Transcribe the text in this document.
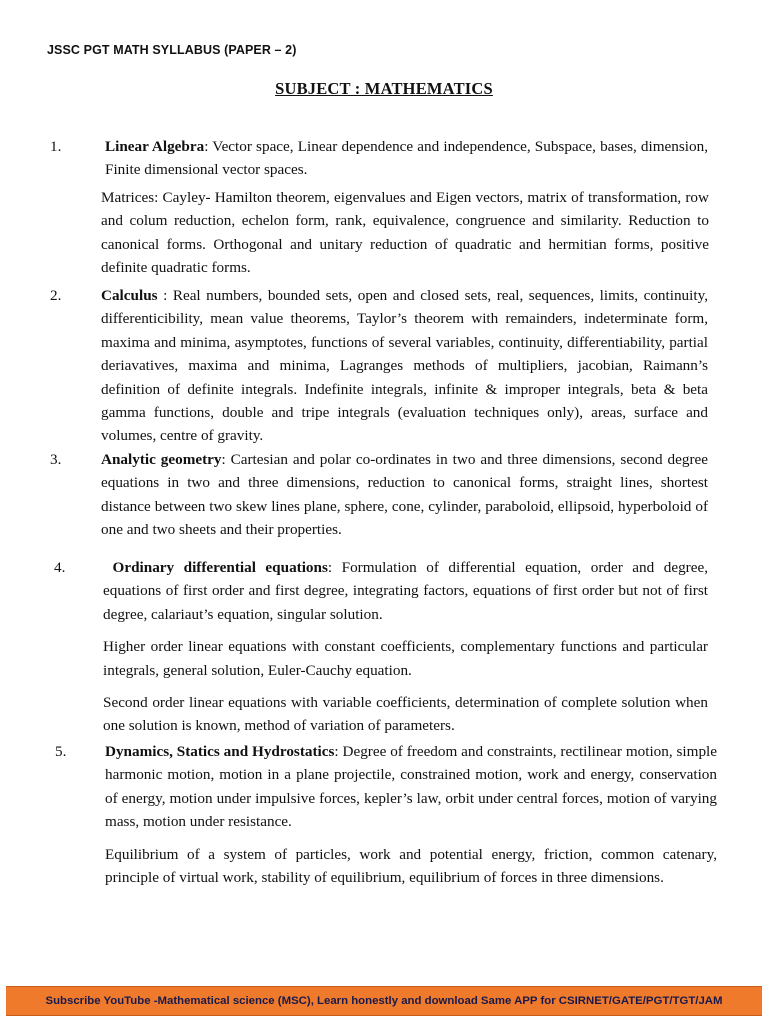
JSSC PGT MATH SYLLABUS (PAPER – 2)
SUBJECT : MATHEMATICS
1.	Linear Algebra: Vector space, Linear dependence and independence, Subspace, bases, dimension, Finite dimensional vector spaces.

Matrices: Cayley- Hamilton theorem, eigenvalues and Eigen vectors, matrix of transformation, row and colum reduction, echelon form, rank, equivalence, congruence and similarity. Reduction to canonical forms. Orthogonal and unitary reduction of quadratic and hermitian forms, positive definite quadratic forms.

2.	Calculus : Real numbers, bounded sets, open and closed sets, real, sequences, limits, continuity, differenticibility, mean value theorems, Taylor’s theorem with remainders, indeterminate form, maxima and minima, asymptotes, functions of several variables, continuity, differentiability, partial deriavatives, maxima and minima, Lagranges methods of multipliers, jacobian, Raimann’s definition of definite integrals. Indefinite integrals, infinite & improper integrals, beta & beta gamma functions, double and tripe integrals (evaluation techniques only), areas, surface and volumes, centre of gravity.

3.	Analytic geometry: Cartesian and polar co-ordinates in two and three dimensions, second degree equations in two and three dimensions, reduction to canonical forms, straight lines, shortest distance between two skew lines plane, sphere, cone, cylinder, paraboloid, ellipsoid, hyperboloid of one and two sheets and their properties.

4.	Ordinary differential equations: Formulation of differential equation, order and degree, equations of first order and first degree, integrating factors, equations of first order but not of first degree, calariaut’s equation, singular solution.

Higher order linear equations with constant coefficients, complementary functions and particular integrals, general solution, Euler-Cauchy equation.

Second order linear equations with variable coefficients, determination of complete solution when one solution is known, method of variation of parameters.

5.	Dynamics, Statics and Hydrostatics: Degree of freedom and constraints, rectilinear motion, simple harmonic motion, motion in a plane projectile, constrained motion, work and energy, conservation of energy, motion under impulsive forces, kepler’s law, orbit under central forces, motion of varying mass, motion under resistance.

Equilibrium of a system of particles, work and potential energy, friction, common catenary, principle of virtual work, stability of equilibrium, equilibrium of forces in three dimensions.

Subscribe YouTube -Mathematical science (MSC), Learn honestly and download Same APP for CSIRNET/GATE/PGT/TGT/JAM
